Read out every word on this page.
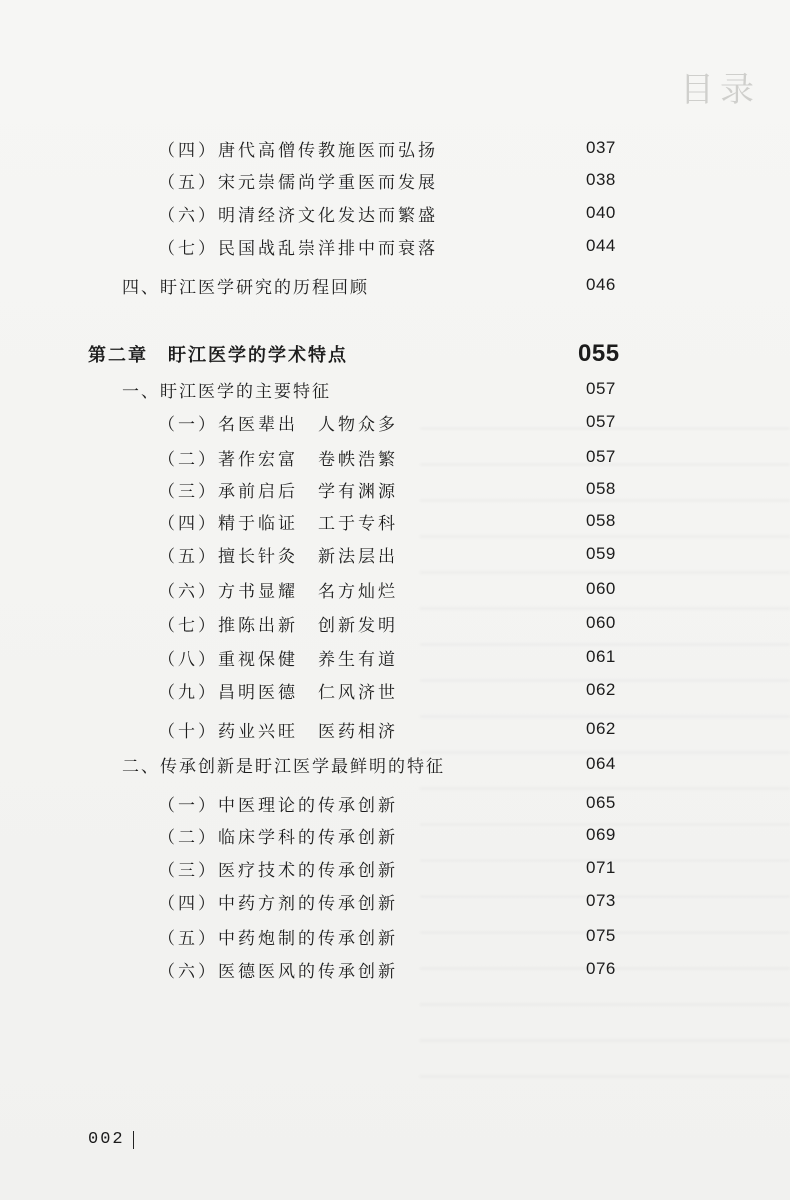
目录
（四）唐代高僧传教施医而弘扬	037
（五）宋元崇儒尚学重医而发展	038
（六）明清经济文化发达而繁盛	040
（七）民国战乱崇洋排中而衰落	044
四、盱江医学研究的历程回顾	046
第二章　盱江医学的学术特点	055
一、盱江医学的主要特征	057
（一）名医辈出　人物众多	057
（二）著作宏富　卷帙浩繁	057
（三）承前启后　学有渊源	058
（四）精于临证　工于专科	058
（五）擅长针灸　新法层出	059
（六）方书显耀　名方灿烂	060
（七）推陈出新　创新发明	060
（八）重视保健　养生有道	061
（九）昌明医德　仁风济世	062
（十）药业兴旺　医药相济	062
二、传承创新是盱江医学最鲜明的特征	064
（一）中医理论的传承创新	065
（二）临床学科的传承创新	069
（三）医疗技术的传承创新	071
（四）中药方剂的传承创新	073
（五）中药炮制的传承创新	075
（六）医德医风的传承创新	076
002
